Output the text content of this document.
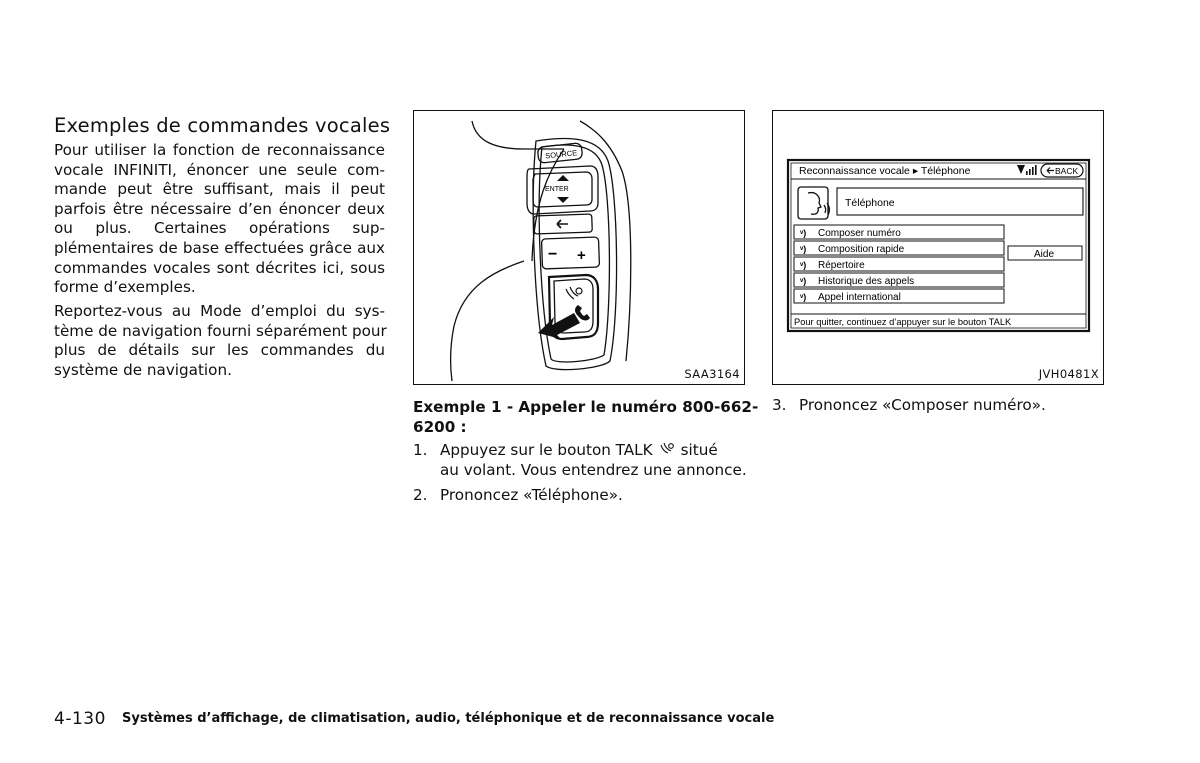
Exemples de commandes vocales
Pour utiliser la fonction de reconnaissance
vocale INFINITI, énoncer une seule com-
mande peut être suffisant, mais il peut
parfois être nécessaire d’en énoncer deux
ou plus. Certaines opérations sup-
plémentaires de base effectuées grâce aux
commandes vocales sont décrites ici, sous
forme d’exemples.
Reportez-vous au Mode d’emploi du sys-
tème de navigation fourni séparément pour
plus de détails sur les commandes du
système de navigation.
SOURCE
ENTER
− +
SAA3164
Reconnaissance vocale ▸ Téléphone	BACK
Téléphone
ᵛ)
ᵛ)
ᵛ)
ᵛ)
ᵛ)
Composer numéro
Composition rapide
Répertoire
Historique des appels
Appel international
Aide
Pour quitter, continuez d’appuyer sur le bouton TALK
JVH0481X
Exemple 1 - Appeler le numéro 800-662-
6200 :
1. Appuyez sur le bouton TALK situé
au volant. Vous entendrez une annonce.
2. Prononcez «Téléphone».
3. Prononcez «Composer numéro».
4-130 Systèmes d’affichage, de climatisation, audio, téléphonique et de reconnaissance vocale
